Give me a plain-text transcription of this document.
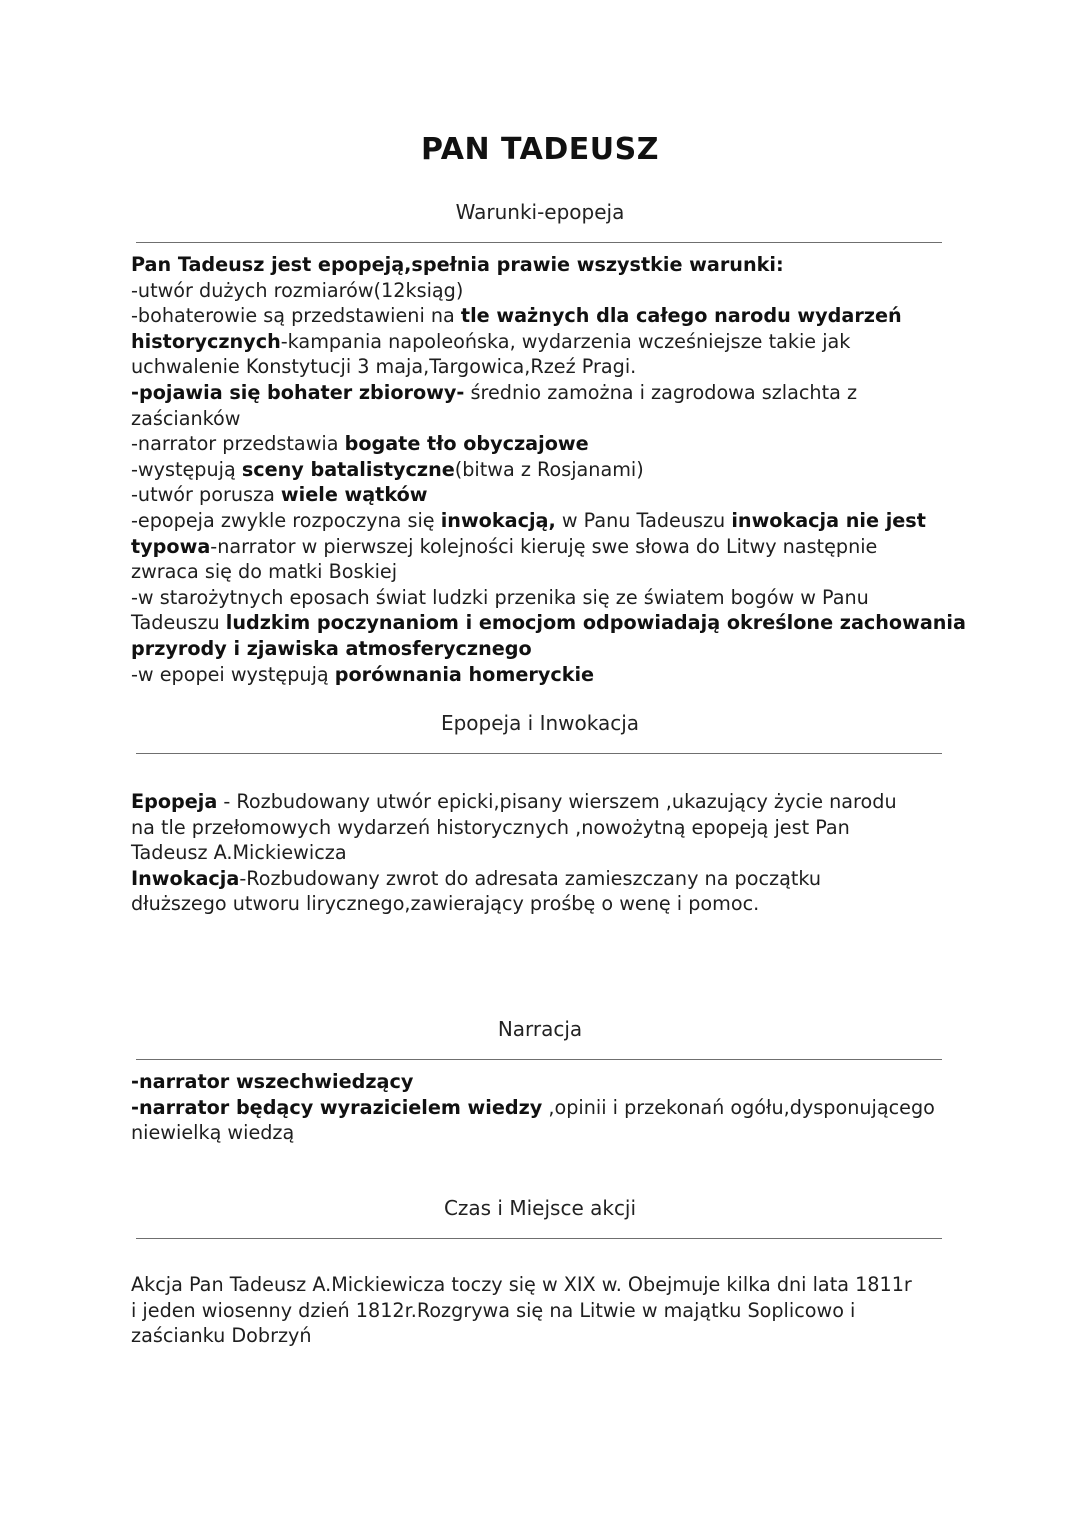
PAN TADEUSZ
Warunki-epopeja
Pan Tadeusz jest epopeją,spełnia prawie wszystkie warunki:
-utwór dużych rozmiarów(12ksiąg)
-bohaterowie są przedstawieni na tle ważnych dla całego narodu wydarzeń
historycznych-kampania napoleońska, wydarzenia wcześniejsze takie jak
uchwalenie Konstytucji 3 maja,Targowica,Rzeź Pragi.
-pojawia się bohater zbiorowy- średnio zamożna i zagrodowa szlachta z
zaścianków
-narrator przedstawia bogate tło obyczajowe
-występują sceny batalistyczne(bitwa z Rosjanami)
-utwór porusza wiele wątków
-epopeja zwykle rozpoczyna się inwokacją, w Panu Tadeuszu inwokacja nie jest
typowa-narrator w pierwszej kolejności kieruję swe słowa do Litwy następnie
zwraca się do matki Boskiej
-w starożytnych eposach świat ludzki przenika się ze światem bogów w Panu
Tadeuszu ludzkim poczynaniom i emocjom odpowiadają określone zachowania
przyrody i zjawiska atmosferycznego
-w epopei występują porównania homeryckie
Epopeja i Inwokacja
Epopeja - Rozbudowany utwór epicki,pisany wierszem ,ukazujący życie narodu
na tle przełomowych wydarzeń historycznych ,nowożytną epopeją jest Pan
Tadeusz A.Mickiewicza
Inwokacja-Rozbudowany zwrot do adresata zamieszczany na początku
dłuższego utworu lirycznego,zawierający prośbę o wenę i pomoc.
Narracja
-narrator wszechwiedzący
-narrator będący wyrazicielem wiedzy ,opinii i przekonań ogółu,dysponującego
niewielką wiedzą
Czas i Miejsce akcji
Akcja Pan Tadeusz A.Mickiewicza toczy się w XIX w. Obejmuje kilka dni lata 1811r
i jeden wiosenny dzień 1812r.Rozgrywa się na Litwie w majątku Soplicowo i
zaścianku Dobrzyń
